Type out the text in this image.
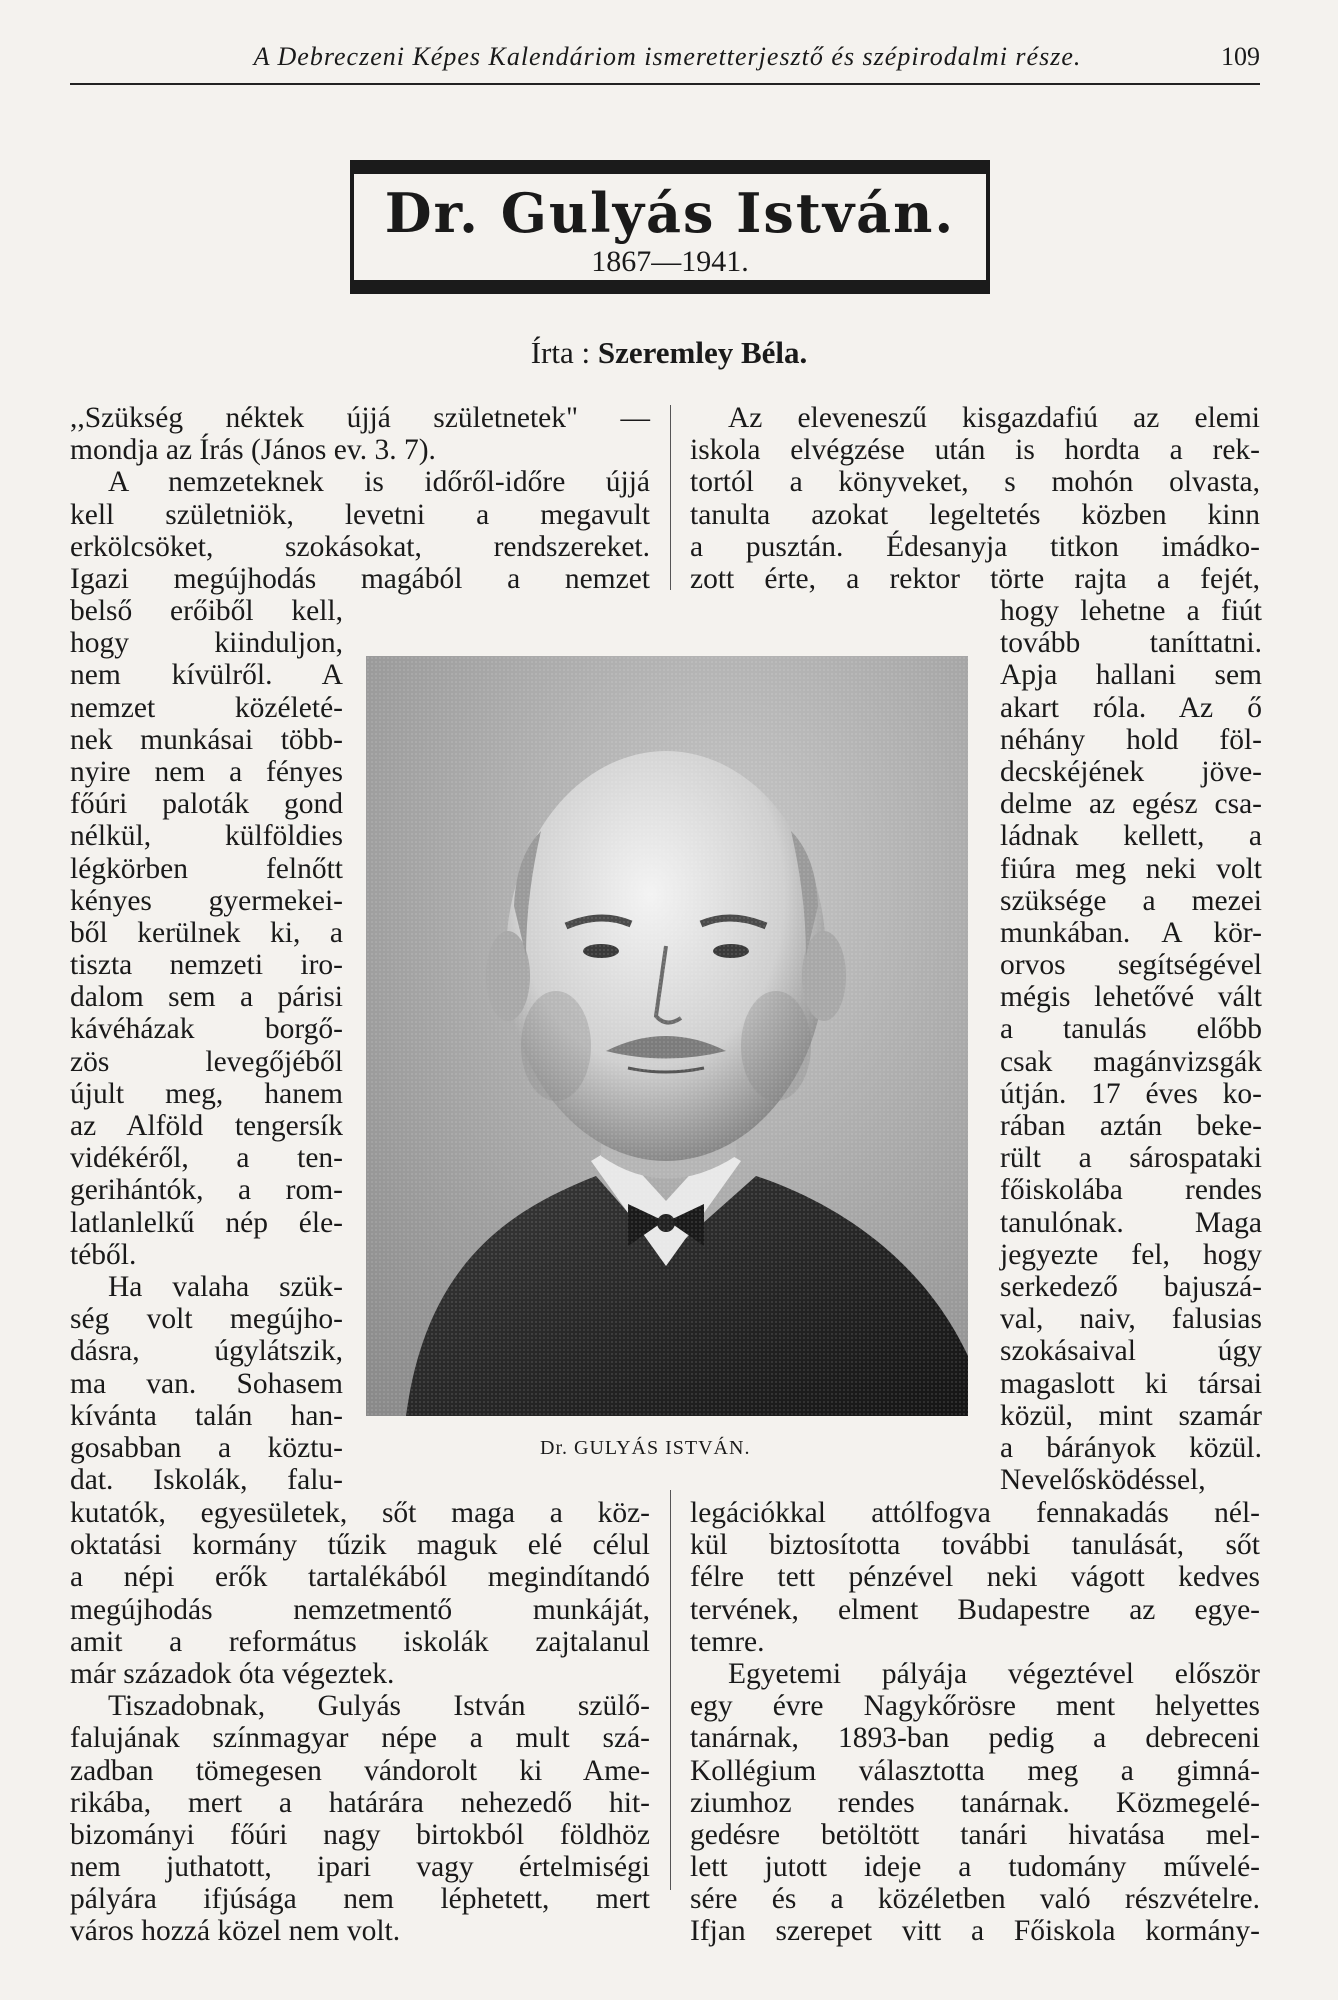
A Debreczeni Képes Kalendáriom ismeretterjesztő és szépirodalmi része.	109
Dr. Gulyás István.
1867—1941.
Írta : Szeremley Béla.
,,Szükség néktek újjá születnetek" —
mondja az Írás (János ev. 3. 7).
A nemzeteknek is időről-időre újjá
kell születniök, levetni a megavult
erkölcsöket, szokásokat, rendszereket.
Igazi megújhodás magából a nemzet
belső erőiből kell,
hogy kiinduljon,
nem kívülről. A
nemzet közéleté-
nek munkásai több-
nyire nem a fényes
főúri paloták gond
nélkül, külföldies
légkörben felnőtt
kényes gyermekei-
ből kerülnek ki, a
tiszta nemzeti iro-
dalom sem a párisi
kávéházak borgő-
zös levegőjéből
újult meg, hanem
az Alföld tengersík
vidékéről, a ten-
gerihántók, a rom-
latlanlelkű nép éle-
téből.
Ha valaha szük-
ség volt megújho-
dásra, úgylátszik,
ma van. Sohasem
kívánta talán han-
gosabban a köztu-
dat. Iskolák, falu-
kutatók, egyesületek, sőt maga a köz-
oktatási kormány tűzik maguk elé célul
a népi erők tartalékából megindítandó
megújhodás nemzetmentő munkáját,
amit a református iskolák zajtalanul
már századok óta végeztek.
Tiszadobnak, Gulyás István szülő-
falujának színmagyar népe a mult szá-
zadban tömegesen vándorolt ki Ame-
rikába, mert a határára nehezedő hit-
bizományi főúri nagy birtokból földhöz
nem juthatott, ipari vagy értelmiségi
pályára ifjúsága nem léphetett, mert
város hozzá közel nem volt.
Az eleveneszű kisgazdafiú az elemi
iskola elvégzése után is hordta a rek-
tortól a könyveket, s mohón olvasta,
tanulta azokat legeltetés közben kinn
a pusztán. Édesanyja titkon imádko-
zott érte, a rektor törte rajta a fejét,
hogy lehetne a fiút
tovább taníttatni.
Apja hallani sem
akart róla. Az ő
néhány hold föl-
decskéjének jöve-
delme az egész csa-
ládnak kellett, a
fiúra meg neki volt
szüksége a mezei
munkában. A kör-
orvos segítségével
mégis lehetővé vált
a tanulás előbb
csak magánvizsgák
útján. 17 éves ko-
rában aztán beke-
rült a sárospataki
főiskolába rendes
tanulónak. Maga
jegyezte fel, hogy
serkedező bajuszá-
val, naiv, falusias
szokásaival úgy
magaslott ki társai
közül, mint szamár
a bárányok közül.
Nevelősködéssel,
legációkkal attólfogva fennakadás nél-
kül biztosította további tanulását, sőt
félre tett pénzével neki vágott kedves
tervének, elment Budapestre az egye-
temre.
Egyetemi pályája végeztével először
egy évre Nagykőrösre ment helyettes
tanárnak, 1893-ban pedig a debreceni
Kollégium választotta meg a gimná-
ziumhoz rendes tanárnak. Közmegelé-
gedésre betöltött tanári hivatása mel-
lett jutott ideje a tudomány művelé-
sére és a közéletben való részvételre.
Ifjan szerepet vitt a Főiskola kormány-
Dr. GULYÁS ISTVÁN.
